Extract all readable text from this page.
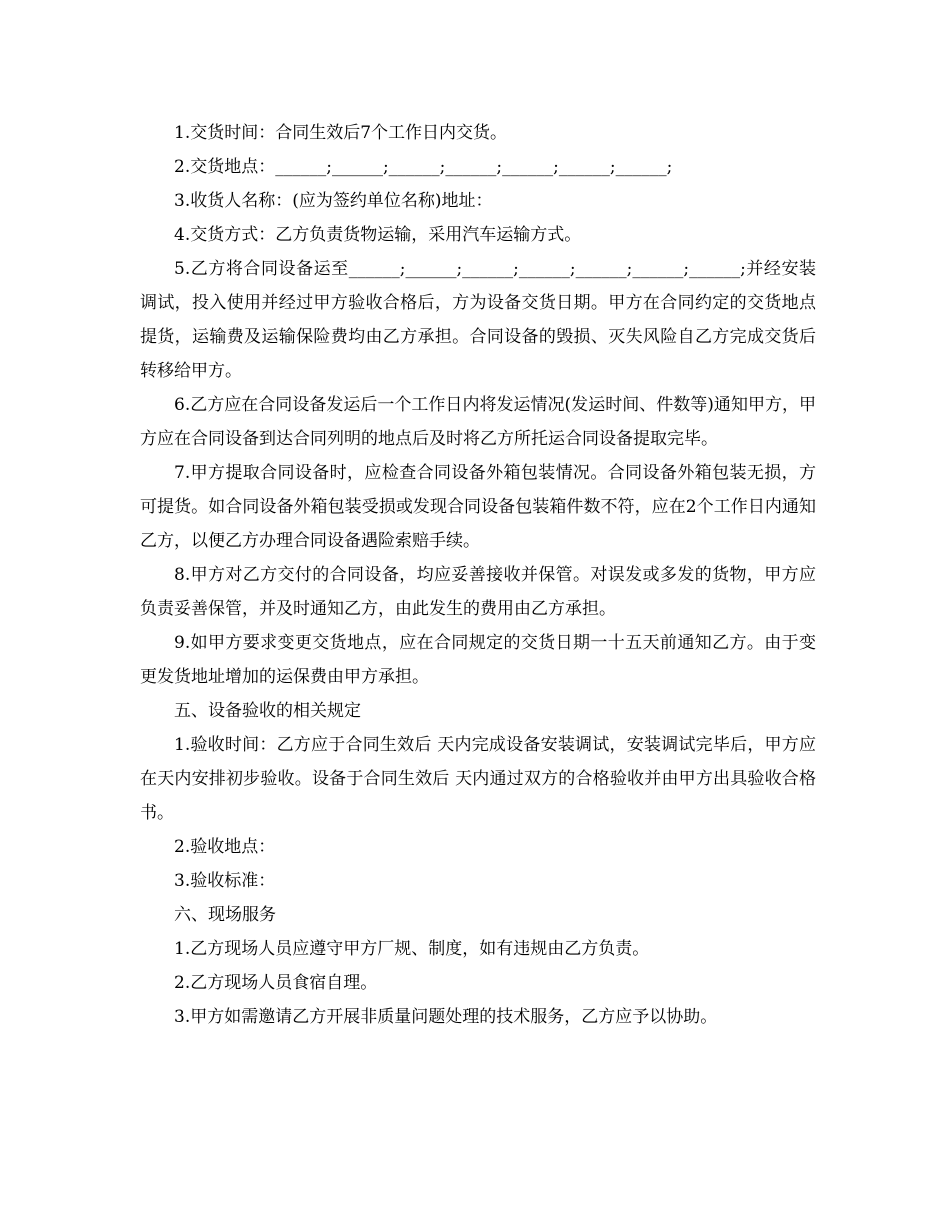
1.交货时间：合同生效后7个工作日内交货。

2.交货地点：______;______;______;______;______;______;______;

3.收货人名称：(应为签约单位名称)地址：

4.交货方式：乙方负责货物运输，采用汽车运输方式。

5.乙方将合同设备运至______;______;______;______;______;______;______;并经安装调试，投入使用并经过甲方验收合格后，方为设备交货日期。甲方在合同约定的交货地点提货，运输费及运输保险费均由乙方承担。合同设备的毁损、灭失风险自乙方完成交货后转移给甲方。

6.乙方应在合同设备发运后一个工作日内将发运情况(发运时间、件数等)通知甲方，甲方应在合同设备到达合同列明的地点后及时将乙方所托运合同设备提取完毕。

7.甲方提取合同设备时，应检查合同设备外箱包装情况。合同设备外箱包装无损，方可提货。如合同设备外箱包装受损或发现合同设备包装箱件数不符，应在2个工作日内通知乙方，以便乙方办理合同设备遇险索赔手续。

8.甲方对乙方交付的合同设备，均应妥善接收并保管。对误发或多发的货物，甲方应负责妥善保管，并及时通知乙方，由此发生的费用由乙方承担。

9.如甲方要求变更交货地点，应在合同规定的交货日期一十五天前通知乙方。由于变更发货地址增加的运保费由甲方承担。

五、设备验收的相关规定

1.验收时间：乙方应于合同生效后 天内完成设备安装调试，安装调试完毕后，甲方应在天内安排初步验收。设备于合同生效后 天内通过双方的合格验收并由甲方出具验收合格书。

2.验收地点：

3.验收标准：

六、现场服务

1.乙方现场人员应遵守甲方厂规、制度，如有违规由乙方负责。

2.乙方现场人员食宿自理。

3.甲方如需邀请乙方开展非质量问题处理的技术服务，乙方应予以协助。
